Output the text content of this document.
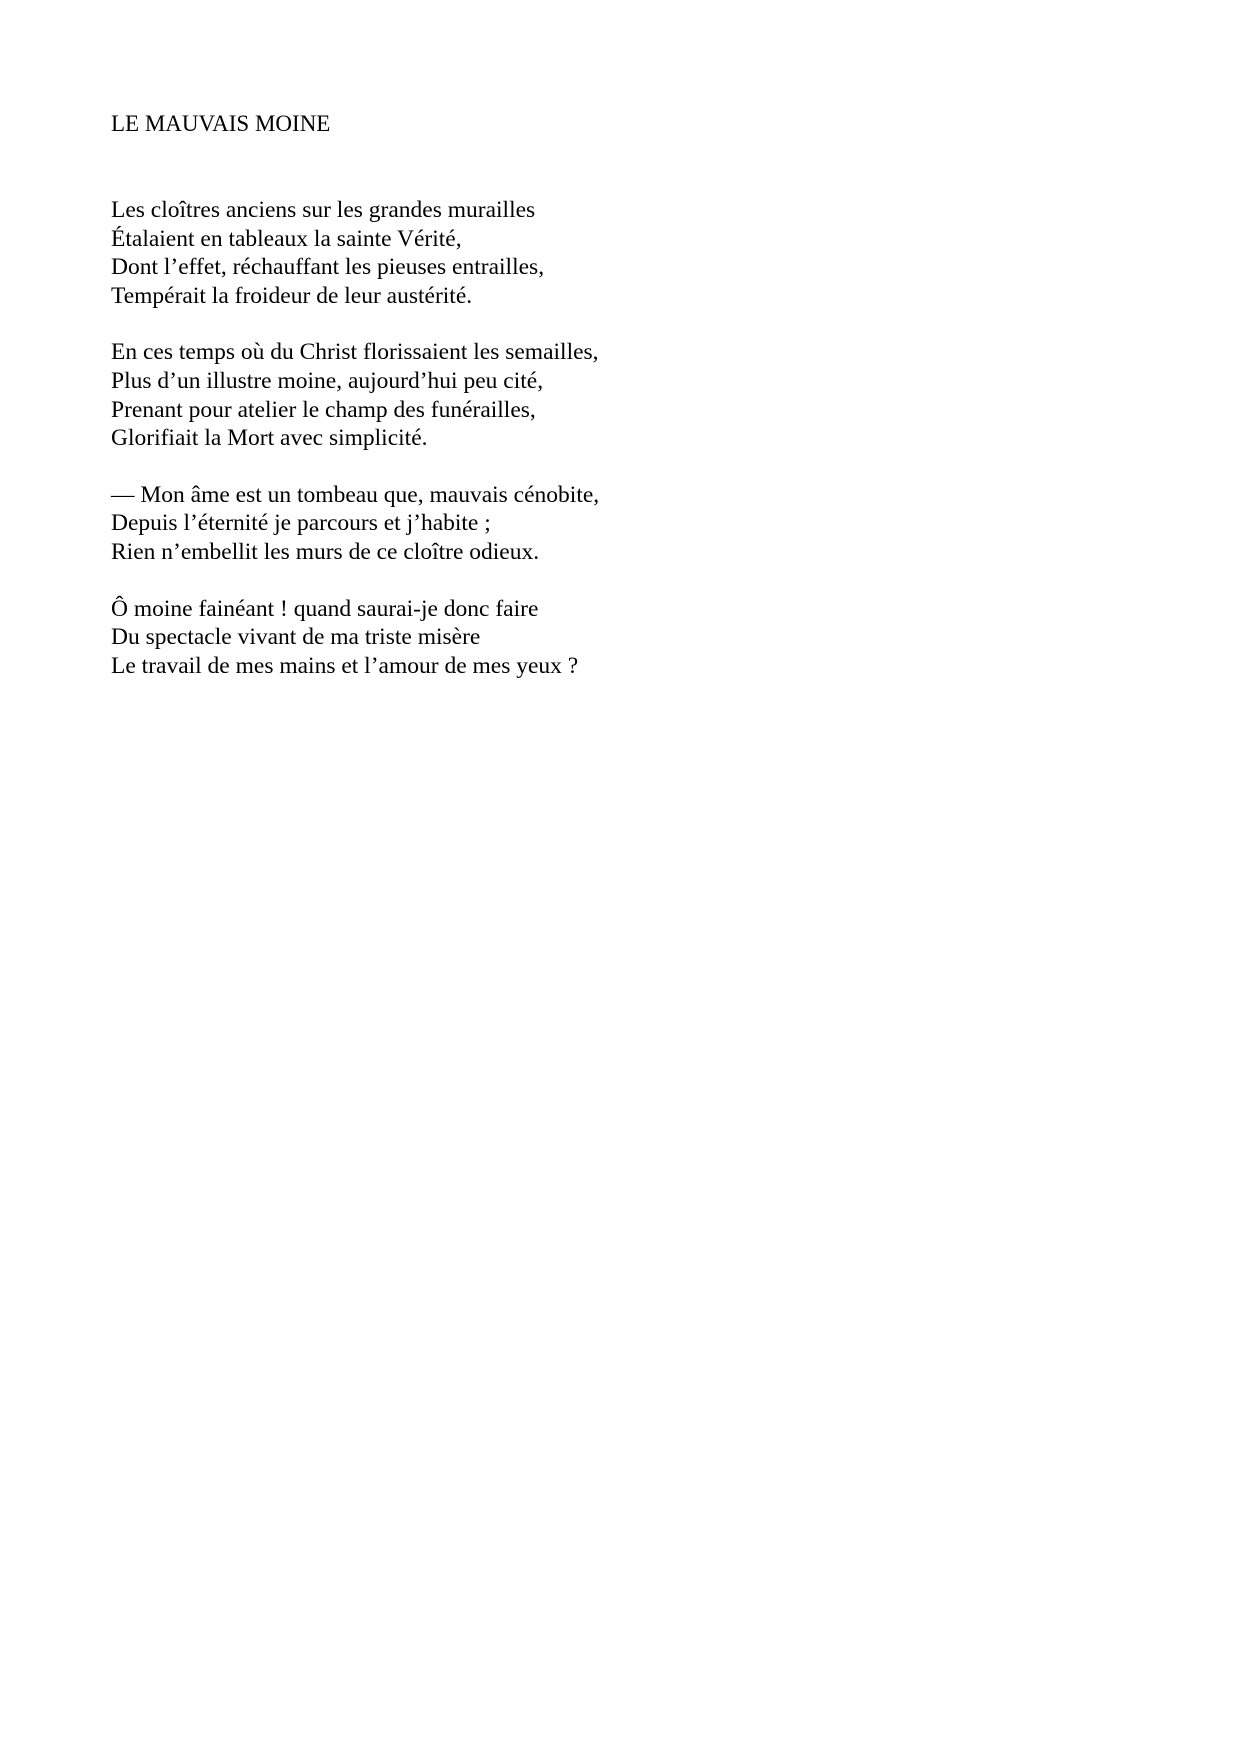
LE MAUVAIS MOINE
Les cloîtres anciens sur les grandes murailles
Étalaient en tableaux la sainte Vérité,
Dont l’effet, réchauffant les pieuses entrailles,
Tempérait la froideur de leur austérité.
En ces temps où du Christ florissaient les semailles,
Plus d’un illustre moine, aujourd’hui peu cité,
Prenant pour atelier le champ des funérailles,
Glorifiait la Mort avec simplicité.
— Mon âme est un tombeau que, mauvais cénobite,
Depuis l’éternité je parcours et j’habite ;
Rien n’embellit les murs de ce cloître odieux.
Ô moine fainéant ! quand saurai-je donc faire
Du spectacle vivant de ma triste misère
Le travail de mes mains et l’amour de mes yeux ?
